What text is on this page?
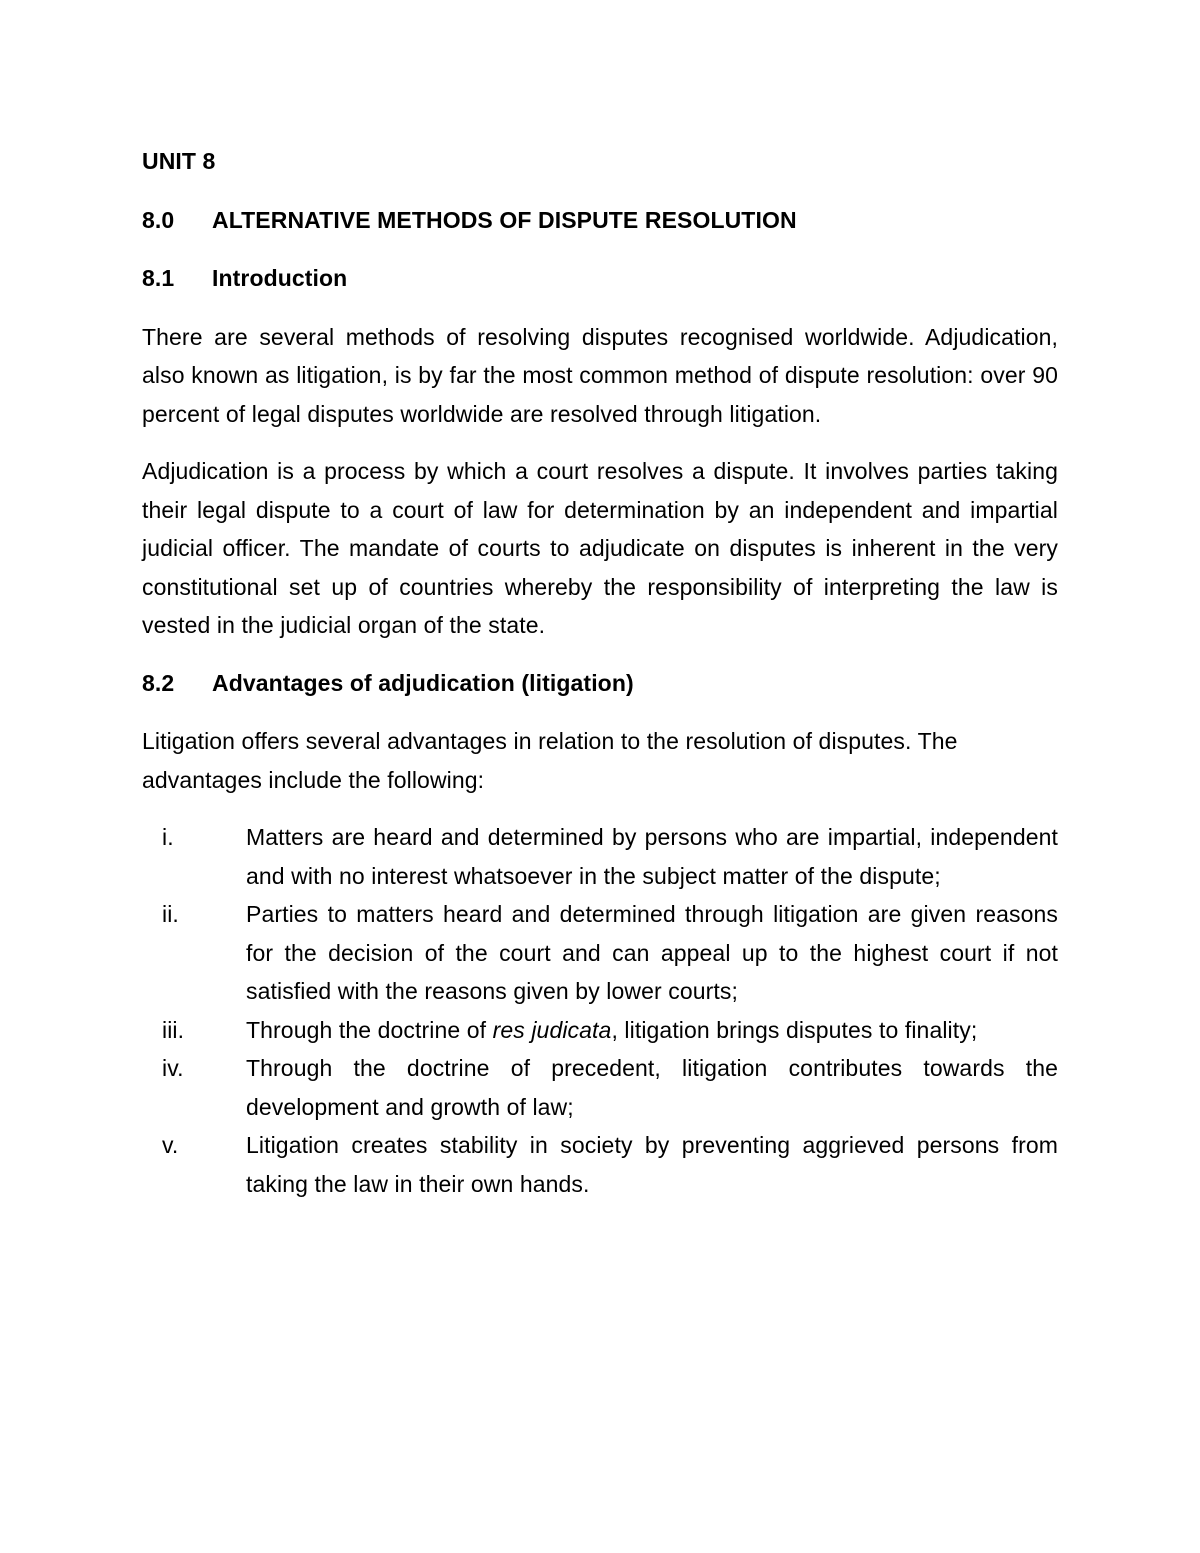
UNIT 8

8.0	ALTERNATIVE METHODS OF DISPUTE RESOLUTION

8.1	Introduction

There are several methods of resolving disputes recognised worldwide. Adjudication, also known as litigation, is by far the most common method of dispute resolution: over 90 percent of legal disputes worldwide are resolved through litigation.

Adjudication is a process by which a court resolves a dispute. It involves parties taking their legal dispute to a court of law for determination by an independent and impartial judicial officer. The mandate of courts to adjudicate on disputes is inherent in the very constitutional set up of countries whereby the responsibility of interpreting the law is vested in the judicial organ of the state.

8.2	Advantages of adjudication (litigation)

Litigation offers several advantages in relation to the resolution of disputes. The advantages include the following:

i.	Matters are heard and determined by persons who are impartial, independent and with no interest whatsoever in the subject matter of the dispute;
ii.	Parties to matters heard and determined through litigation are given reasons for the decision of the court and can appeal up to the highest court if not satisfied with the reasons given by lower courts;
iii.	Through the doctrine of res judicata, litigation brings disputes to finality;
iv.	Through the doctrine of precedent, litigation contributes towards the development and growth of law;
v.	Litigation creates stability in society by preventing aggrieved persons from taking the law in their own hands.
